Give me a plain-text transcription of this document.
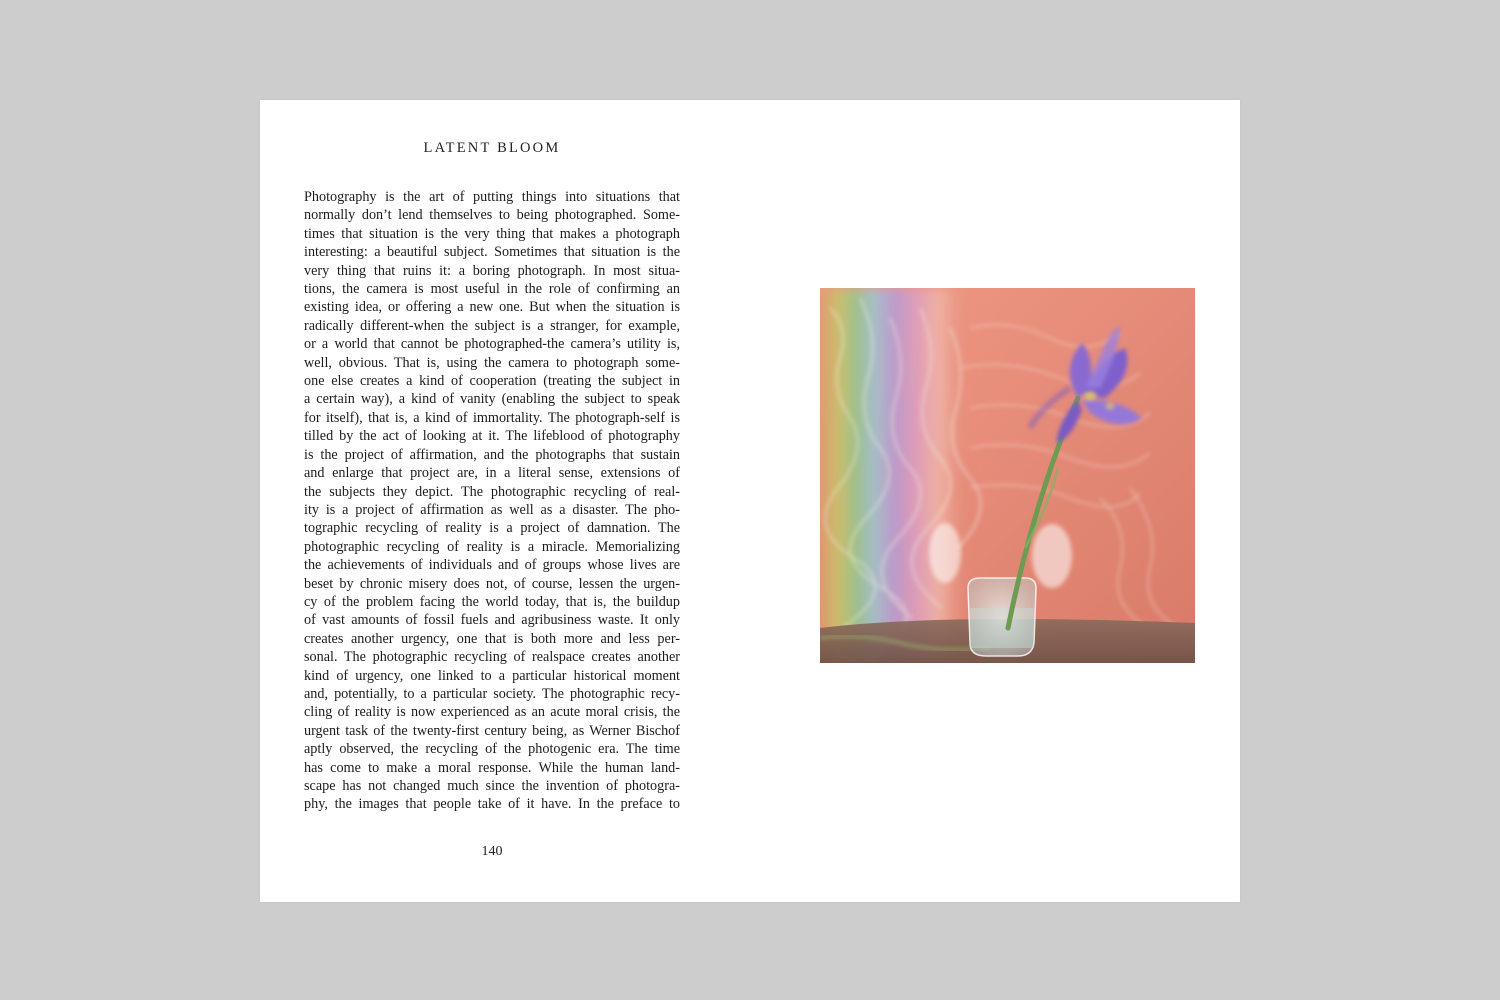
LATENT BLOOM

Photography is the art of putting things into situations that
normally don’t lend themselves to being photographed. Some-
times that situation is the very thing that makes a photograph
interesting: a beautiful subject. Sometimes that situation is the
very thing that ruins it: a boring photograph. In most situa-
tions, the camera is most useful in the role of confirming an
existing idea, or offering a new one. But when the situation is
radically different-when the subject is a stranger, for example,
or a world that cannot be photographed-the camera’s utility is,
well, obvious. That is, using the camera to photograph some-
one else creates a kind of cooperation (treating the subject in
a certain way), a kind of vanity (enabling the subject to speak
for itself), that is, a kind of immortality. The photograph-self is
tilled by the act of looking at it. The lifeblood of photography
is the project of affirmation, and the photographs that sustain
and enlarge that project are, in a literal sense, extensions of
the subjects they depict. The photographic recycling of real-
ity is a project of affirmation as well as a disaster. The pho-
tographic recycling of reality is a project of damnation. The
photographic recycling of reality is a miracle. Memorializing
the achievements of individuals and of groups whose lives are
beset by chronic misery does not, of course, lessen the urgen-
cy of the problem facing the world today, that is, the buildup
of vast amounts of fossil fuels and agribusiness waste. It only
creates another urgency, one that is both more and less per-
sonal. The photographic recycling of realspace creates another
kind of urgency, one linked to a particular historical moment
and, potentially, to a particular society. The photographic recy-
cling of reality is now experienced as an acute moral crisis, the
urgent task of the twenty-first century being, as Werner Bischof
aptly observed, the recycling of the photogenic era. The time
has come to make a moral response. While the human land-
scape has not changed much since the invention of photogra-
phy, the images that people take of it have. In the preface to

140
